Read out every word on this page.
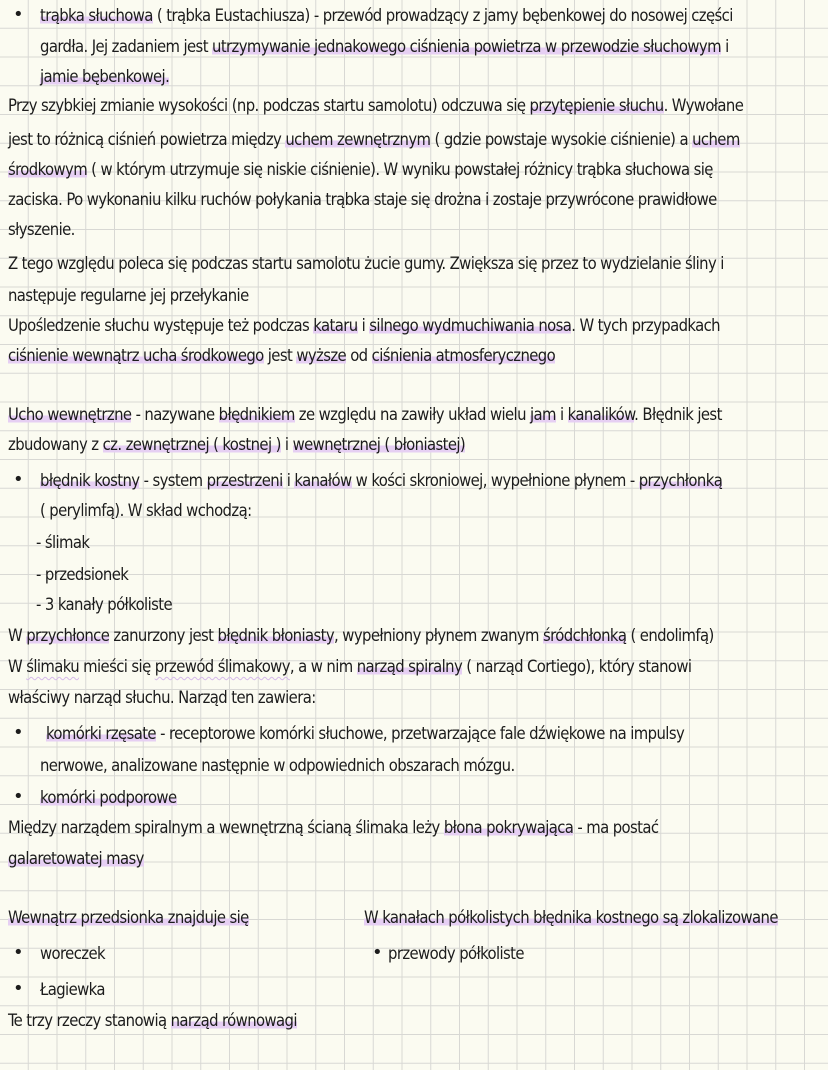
• trąbka słuchowa ( trąbka Eustachiusza) - przewód prowadzący z jamy bębenkowej do nosowej części
gardła. Jej zadaniem jest utrzymywanie jednakowego ciśnienia powietrza w przewodzie słuchowym i
jamie bębenkowej.
Przy szybkiej zmianie wysokości (np. podczas startu samolotu) odczuwa się przytępienie słuchu. Wywołane
jest to różnicą ciśnień powietrza między uchem zewnętrznym ( gdzie powstaje wysokie ciśnienie) a uchem
środkowym ( w którym utrzymuje się niskie ciśnienie). W wyniku powstałej różnicy trąbka słuchowa się
zaciska. Po wykonaniu kilku ruchów połykania trąbka staje się drożna i zostaje przywrócone prawidłowe
słyszenie.
Z tego względu poleca się podczas startu samolotu żucie gumy. Zwiększa się przez to wydzielanie śliny i
następuje regularne jej przełykanie
Upośledzenie słuchu występuje też podczas kataru i silnego wydmuchiwania nosa. W tych przypadkach
ciśnienie wewnątrz ucha środkowego jest wyższe od ciśnienia atmosferycznego
Ucho wewnętrzne - nazywane błędnikiem ze względu na zawiły układ wielu jam i kanalików. Błędnik jest
zbudowany z cz. zewnętrznej ( kostnej ) i wewnętrznej ( błoniastej)
• błędnik kostny - system przestrzeni i kanałów w kości skroniowej, wypełnione płynem - przychłonką
( perylimfą). W skład wchodzą:
- ślimak
- przedsionek
- 3 kanały półkoliste
W przychłonce zanurzony jest błędnik błoniasty, wypełniony płynem zwanym śródchłonką ( endolimfą)
W ślimaku mieści się przewód ślimakowy, a w nim narząd spiralny ( narząd Cortiego), który stanowi
właściwy narząd słuchu. Narząd ten zawiera:
• komórki rzęsate - receptorowe komórki słuchowe, przetwarzające fale dźwiękowe na impulsy
nerwowe, analizowane następnie w odpowiednich obszarach mózgu.
• komórki podporowe
Między narządem spiralnym a wewnętrzną ścianą ślimaka leży błona pokrywająca - ma postać
galaretowatej masy
Wewnątrz przedsionka znajduje się
• woreczek
• Łagiewka
Te trzy rzeczy stanowią narząd równowagi
W kanałach półkolistych błędnika kostnego są zlokalizowane
• przewody półkoliste
